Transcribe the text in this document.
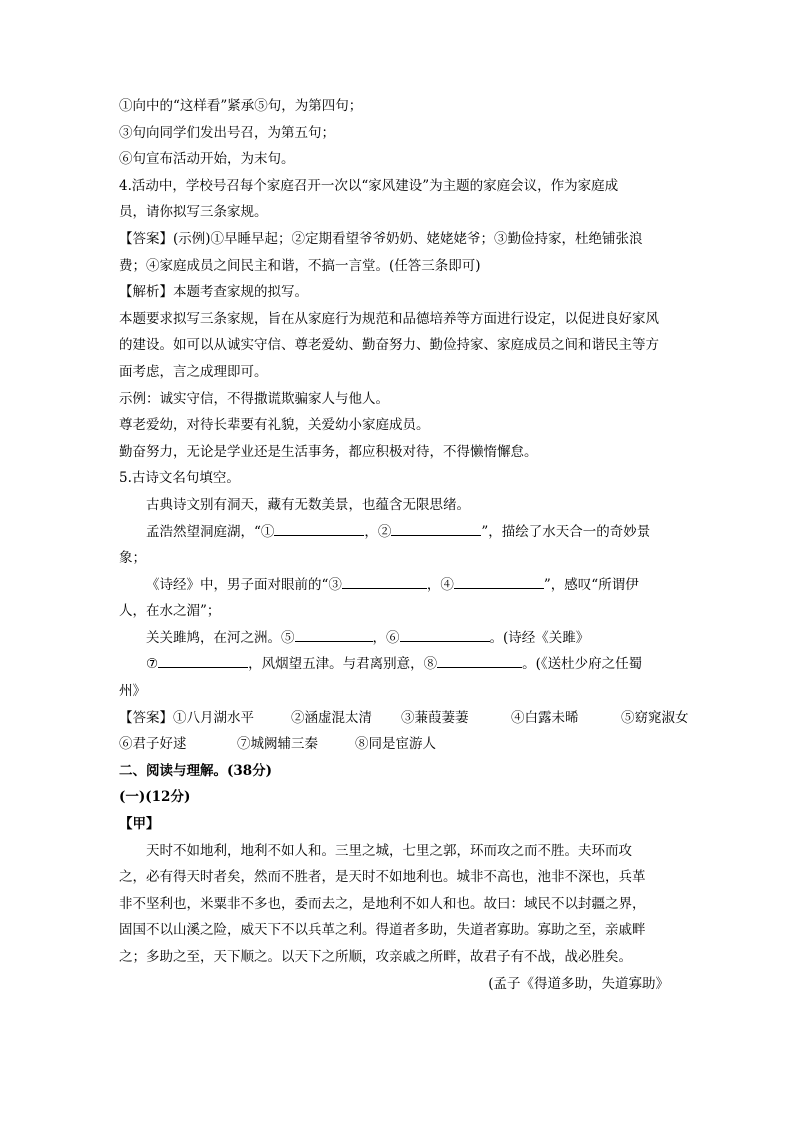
①向中的“这样看”紧承⑤句，为第四句；
③句向同学们发出号召，为第五句；
⑥句宣布活动开始，为末句。
4.活动中，学校号召每个家庭召开一次以“家风建设”为主题的家庭会议，作为家庭成
员，请你拟写三条家规。
【答案】(示例)①早睡早起；②定期看望爷爷奶奶、姥姥姥爷；③勤俭持家，杜绝铺张浪
费；④家庭成员之间民主和谐，不搞一言堂。(任答三条即可)
【解析】本题考查家规的拟写。
本题要求拟写三条家规，旨在从家庭行为规范和品德培养等方面进行设定，以促进良好家风
的建设。如可以从诚实守信、尊老爱幼、勤奋努力、勤俭持家、家庭成员之间和谐民主等方
面考虑，言之成理即可。
示例：诚实守信，不得撒谎欺骗家人与他人。
尊老爱幼，对待长辈要有礼貌，关爱幼小家庭成员。
勤奋努力，无论是学业还是生活事务，都应积极对待，不得懒惰懈怠。
5.古诗文名句填空。
古典诗文别有洞天，藏有无数美景，也蕴含无限思绪。
孟浩然望洞庭湖，“①	，②	”，描绘了水天合一的奇妙景
象；
《诗经》中，男子面对眼前的“③	，④	”，感叹“所谓伊
人，在水之湄”；
关关雎鸠，在河之洲。⑤	，⑥	。(诗经《关雎》
⑦	，风烟望五津。与君离别意，⑧	。(《送杜少府之任蜀
州》
【答案】①八月湖水平	②涵虚混太清 ③蒹葭萋萋	④白露未晞	⑤窈窕淑女
⑥君子好逑	⑦城阙辅三秦	⑧同是宦游人
二、阅读与理解。(38分)
(一)(12分)
【甲】
天时不如地利，地利不如人和。三里之城，七里之郭，环而攻之而不胜。夫环而攻
之，必有得天时者矣，然而不胜者，是天时不如地利也。城非不高也，池非不深也，兵革
非不坚利也，米粟非不多也，委而去之，是地利不如人和也。故曰：域民不以封疆之界，
固国不以山溪之险，威天下不以兵革之利。得道者多助，失道者寡助。寡助之至，亲戚畔
之；多助之至，天下顺之。以天下之所顺，攻亲戚之所畔，故君子有不战，战必胜矣。
(孟子《得道多助，失道寡助》
